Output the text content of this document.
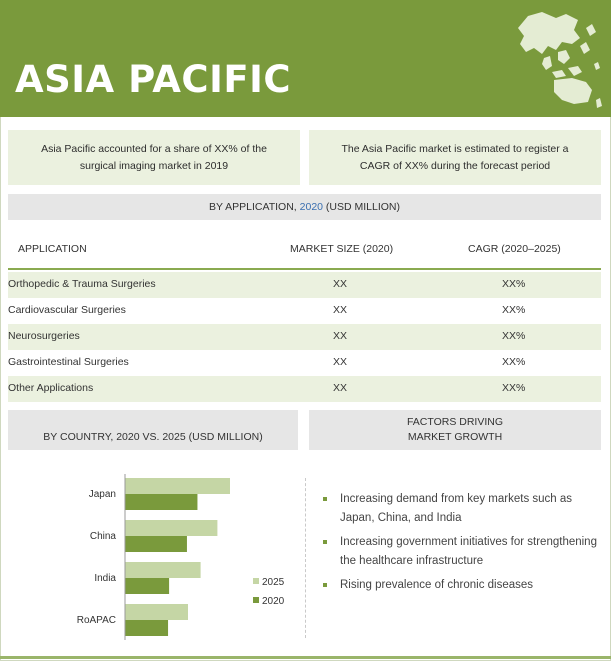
ASIA PACIFIC
Asia Pacific accounted for a share of XX% of the surgical imaging market in 2019
The Asia Pacific market is estimated to register a CAGR of XX% during the forecast period
BY APPLICATION, 2020 (USD MILLION)
APPLICATION	MARKET SIZE (2020)	CAGR (2020–2025)
Orthopedic & Trauma Surgeries	XX	XX%
Cardiovascular Surgeries	XX	XX%
Neurosurgeries	XX	XX%
Gastrointestinal Surgeries	XX	XX%
Other Applications	XX	XX%
BY COUNTRY, 2020 VS. 2025 (USD MILLION)
FACTORS DRIVING MARKET GROWTH
Japan
China
India
RoAPAC
2025
2020
Increasing demand from key markets such as Japan, China, and India
Increasing government initiatives for strengthening the healthcare infrastructure
Rising prevalence of chronic diseases
